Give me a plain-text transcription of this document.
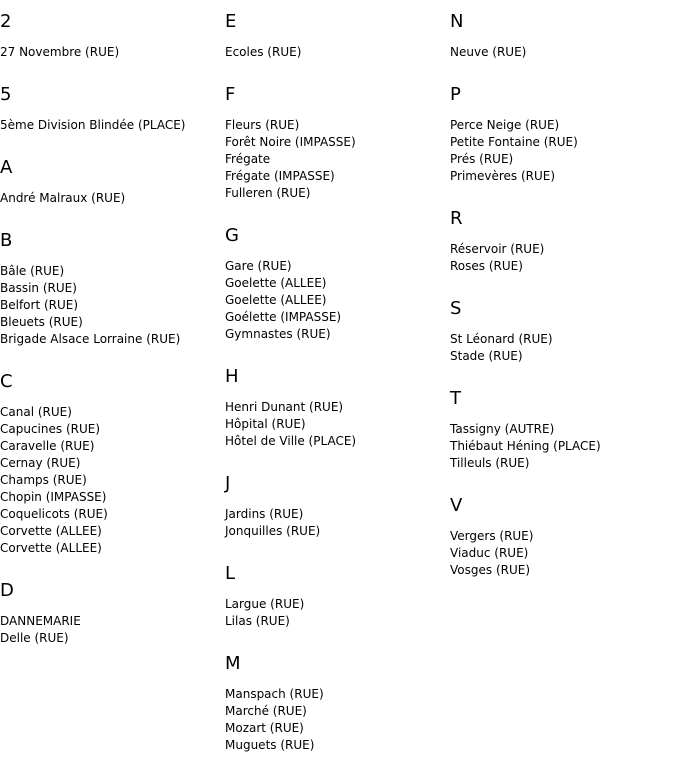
2
27 Novembre (RUE)
5
5ème Division Blindée (PLACE)
A
André Malraux (RUE)
B
Bâle (RUE)
Bassin (RUE)
Belfort (RUE)
Bleuets (RUE)
Brigade Alsace Lorraine (RUE)
C
Canal (RUE)
Capucines (RUE)
Caravelle (RUE)
Cernay (RUE)
Champs (RUE)
Chopin (IMPASSE)
Coquelicots (RUE)
Corvette (ALLEE)
Corvette (ALLEE)
D
DANNEMARIE
Delle (RUE)
E
Ecoles (RUE)
F
Fleurs (RUE)
Forêt Noire (IMPASSE)
Frégate
Frégate (IMPASSE)
Fulleren (RUE)
G
Gare (RUE)
Goelette (ALLEE)
Goelette (ALLEE)
Goélette (IMPASSE)
Gymnastes (RUE)
H
Henri Dunant (RUE)
Hôpital (RUE)
Hôtel de Ville (PLACE)
J
Jardins (RUE)
Jonquilles (RUE)
L
Largue (RUE)
Lilas (RUE)
M
Manspach (RUE)
Marché (RUE)
Mozart (RUE)
Muguets (RUE)
N
Neuve (RUE)
P
Perce Neige (RUE)
Petite Fontaine (RUE)
Prés (RUE)
Primevères (RUE)
R
Réservoir (RUE)
Roses (RUE)
S
St Léonard (RUE)
Stade (RUE)
T
Tassigny (AUTRE)
Thiébaut Héning (PLACE)
Tilleuls (RUE)
V
Vergers (RUE)
Viaduc (RUE)
Vosges (RUE)
